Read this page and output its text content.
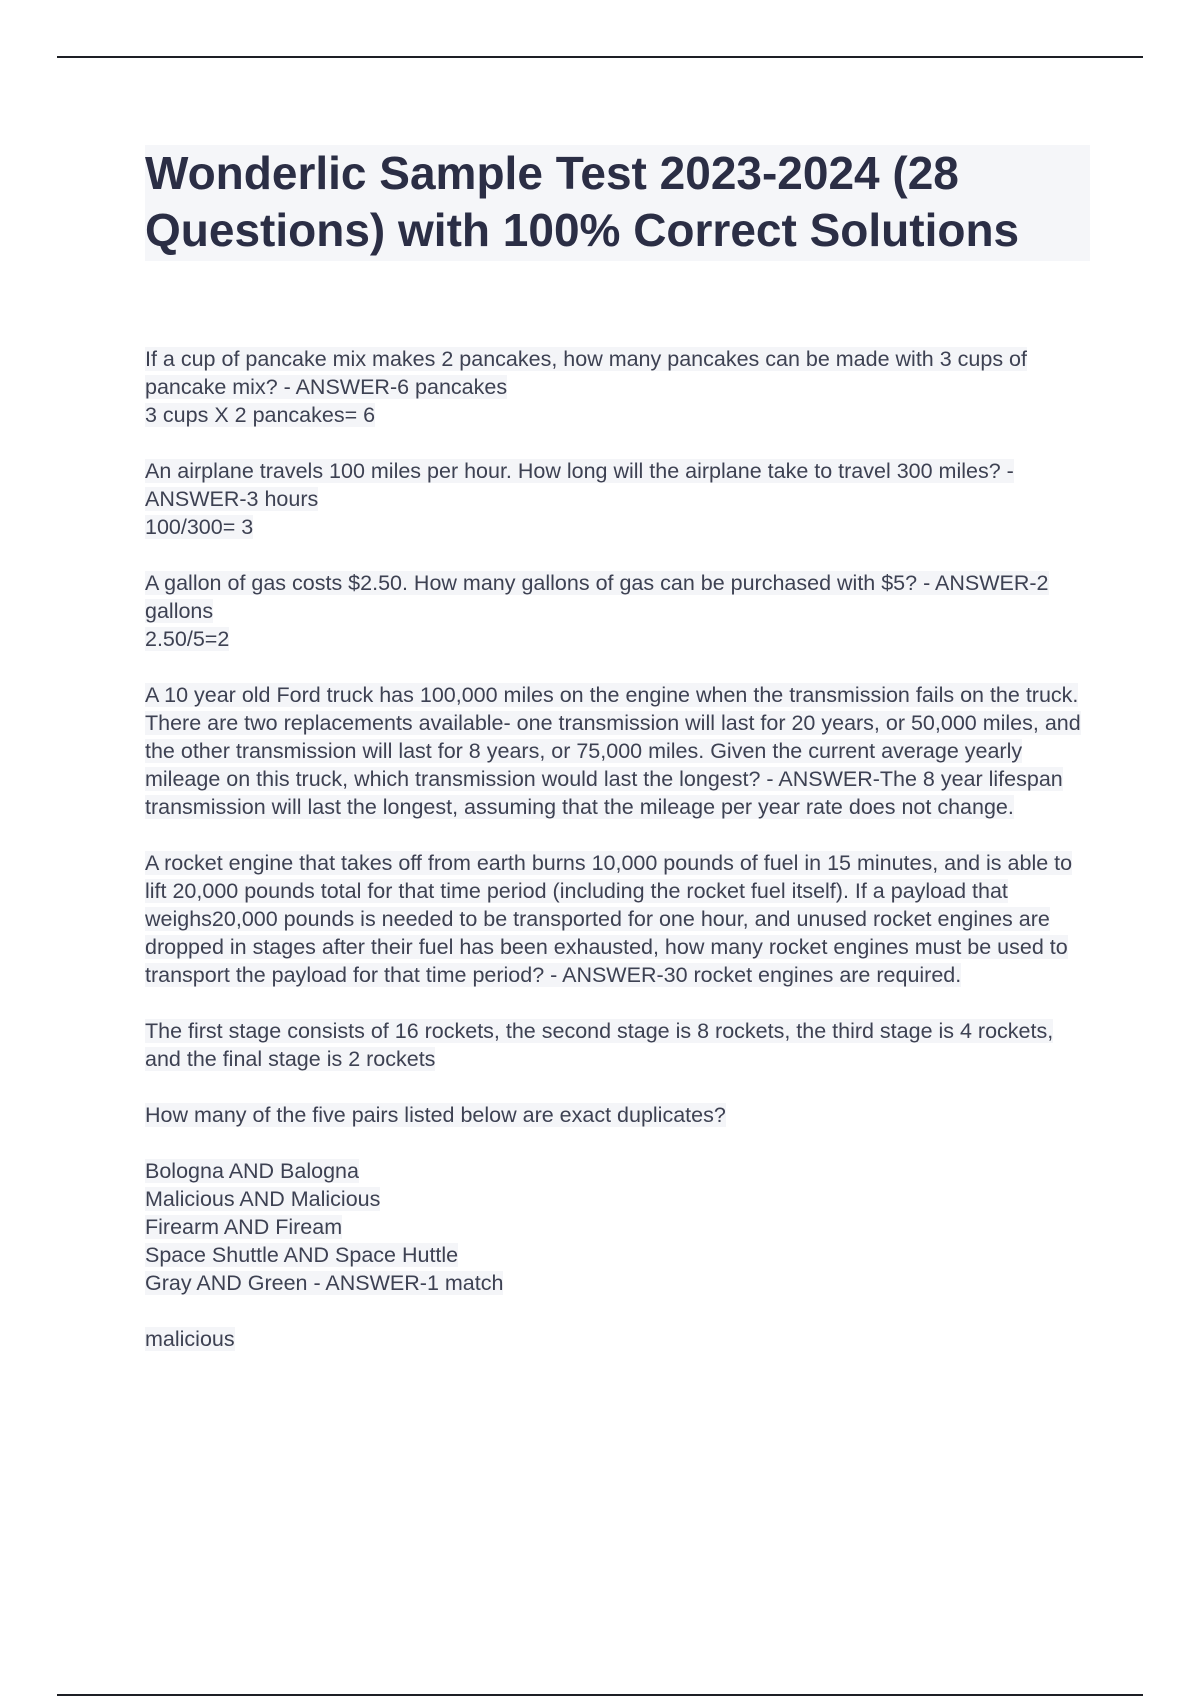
Wonderlic Sample Test 2023-2024 (28 Questions) with 100% Correct Solutions

If a cup of pancake mix makes 2 pancakes, how many pancakes can be made with 3 cups of pancake mix? - ANSWER-6 pancakes
3 cups X 2 pancakes= 6

An airplane travels 100 miles per hour. How long will the airplane take to travel 300 miles? - ANSWER-3 hours
100/300= 3

A gallon of gas costs $2.50. How many gallons of gas can be purchased with $5? - ANSWER-2 gallons
2.50/5=2

A 10 year old Ford truck has 100,000 miles on the engine when the transmission fails on the truck. There are two replacements available- one transmission will last for 20 years, or 50,000 miles, and the other transmission will last for 8 years, or 75,000 miles. Given the current average yearly mileage on this truck, which transmission would last the longest? - ANSWER-The 8 year lifespan transmission will last the longest, assuming that the mileage per year rate does not change.

A rocket engine that takes off from earth burns 10,000 pounds of fuel in 15 minutes, and is able to lift 20,000 pounds total for that time period (including the rocket fuel itself). If a payload that weighs20,000 pounds is needed to be transported for one hour, and unused rocket engines are dropped in stages after their fuel has been exhausted, how many rocket engines must be used to transport the payload for that time period? - ANSWER-30 rocket engines are required.

The first stage consists of 16 rockets, the second stage is 8 rockets, the third stage is 4 rockets, and the final stage is 2 rockets

How many of the five pairs listed below are exact duplicates?

Bologna AND Balogna
Malicious AND Malicious
Firearm AND Fiream
Space Shuttle AND Space Huttle
Gray AND Green - ANSWER-1 match

malicious
